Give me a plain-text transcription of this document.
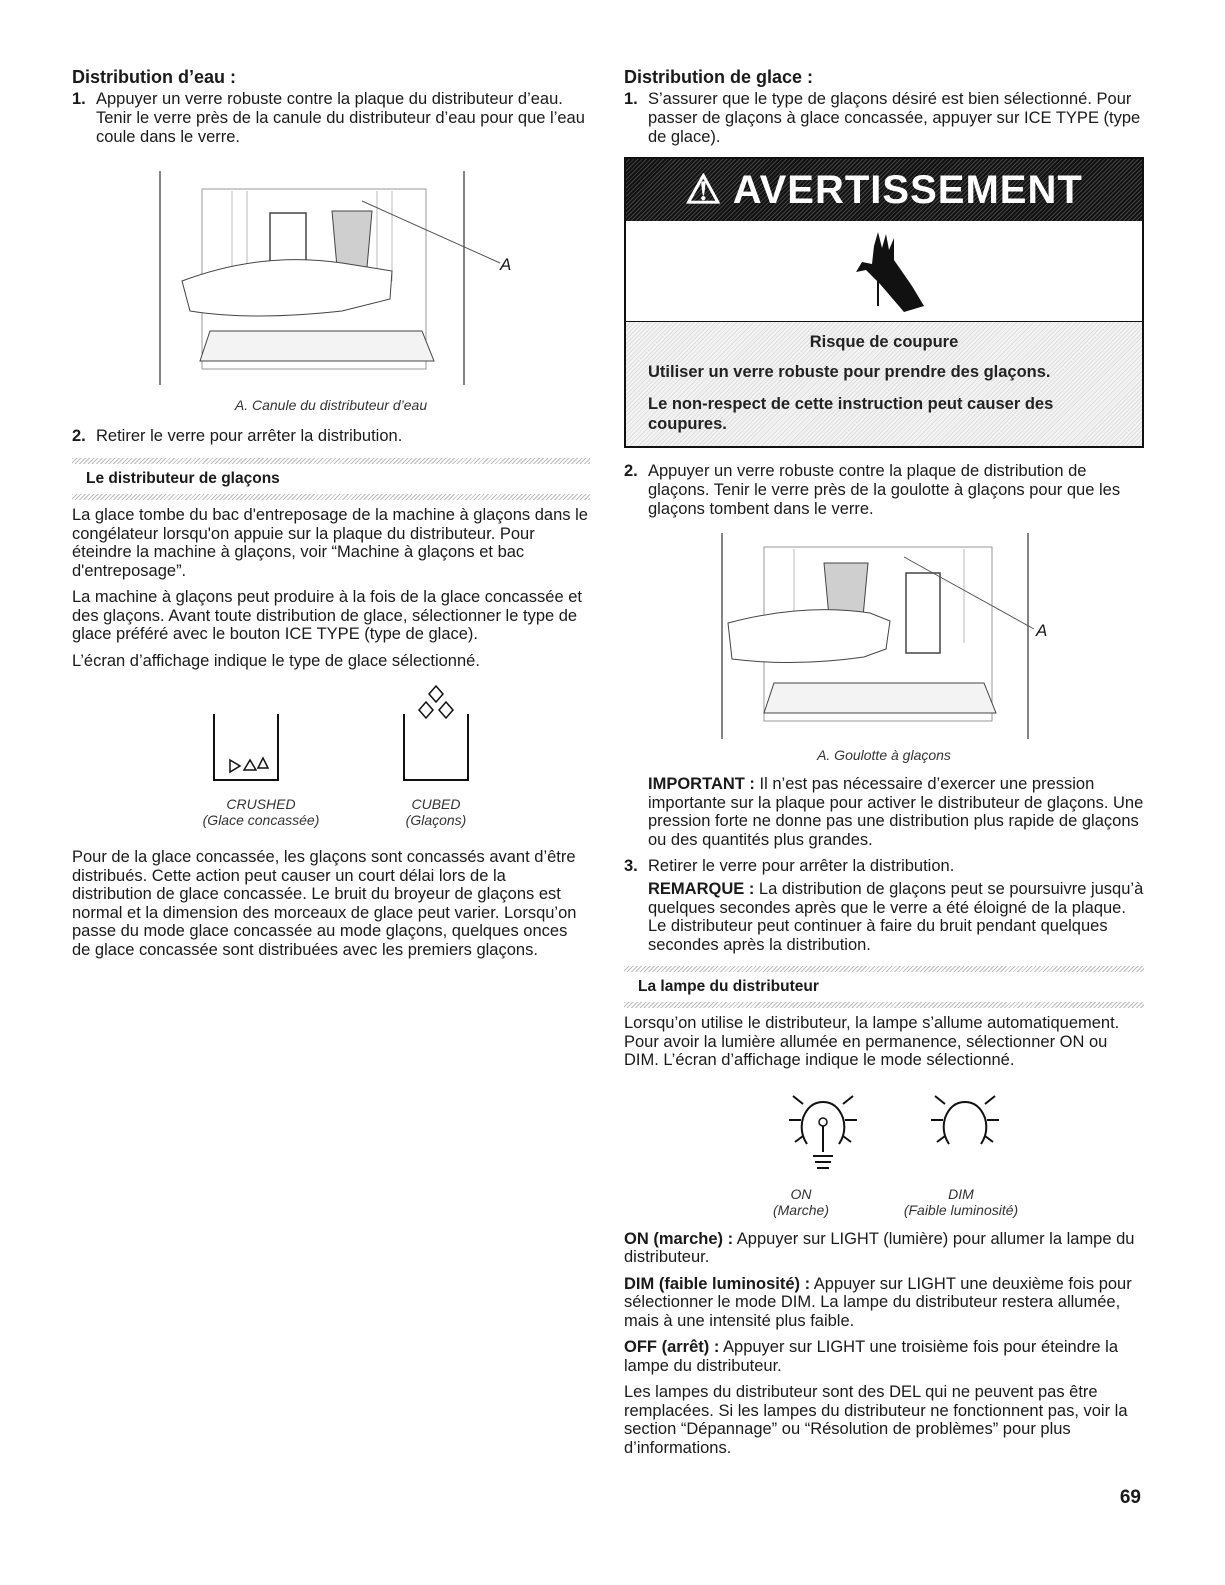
Distribution d’eau :
1. Appuyer un verre robuste contre la plaque du distributeur d’eau. Tenir le verre près de la canule du distributeur d’eau pour que l’eau coule dans le verre.
A
A. Canule du distributeur d’eau
2. Retirer le verre pour arrêter la distribution.
Le distributeur de glaçons

La glace tombe du bac d'entreposage de la machine à glaçons dans le congélateur lorsqu'on appuie sur la plaque du distributeur. Pour éteindre la machine à glaçons, voir “Machine à glaçons et bac d'entreposage”.

La machine à glaçons peut produire à la fois de la glace concassée et des glaçons. Avant toute distribution de glace, sélectionner le type de glace préféré avec le bouton ICE TYPE (type de glace).

L’écran d’affichage indique le type de glace sélectionné.

CRUSHED
(Glace concassée)
CUBED
(Glaçons)

Pour de la glace concassée, les glaçons sont concassés avant d’être distribués. Cette action peut causer un court délai lors de la distribution de glace concassée. Le bruit du broyeur de glaçons est normal et la dimension des morceaux de glace peut varier. Lorsqu’on passe du mode glace concassée au mode glaçons, quelques onces de glace concassée sont distribuées avec les premiers glaçons.

Distribution de glace :
1. S’assurer que le type de glaçons désiré est bien sélectionné. Pour passer de glaçons à glace concassée, appuyer sur ICE TYPE (type de glace).
⚠ AVERTISSEMENT
Risque de coupure
Utiliser un verre robuste pour prendre des glaçons.
Le non-respect de cette instruction peut causer des coupures.
2. Appuyer un verre robuste contre la plaque de distribution de glaçons. Tenir le verre près de la goulotte à glaçons pour que les glaçons tombent dans le verre.
A
A. Goulotte à glaçons

IMPORTANT : Il n’est pas nécessaire d’exercer une pression importante sur la plaque pour activer le distributeur de glaçons. Une pression forte ne donne pas une distribution plus rapide de glaçons ou des quantités plus grandes.

3. Retirer le verre pour arrêter la distribution.

REMARQUE : La distribution de glaçons peut se poursuivre jusqu’à quelques secondes après que le verre a été éloigné de la plaque. Le distributeur peut continuer à faire du bruit pendant quelques secondes après la distribution.

La lampe du distributeur

Lorsqu’on utilise le distributeur, la lampe s’allume automatiquement. Pour avoir la lumière allumée en permanence, sélectionner ON ou DIM. L’écran d’affichage indique le mode sélectionné.

ON
(Marche)
DIM
(Faible luminosité)

ON (marche) : Appuyer sur LIGHT (lumière) pour allumer la lampe du distributeur.

DIM (faible luminosité) : Appuyer sur LIGHT une deuxième fois pour sélectionner le mode DIM. La lampe du distributeur restera allumée, mais à une intensité plus faible.

OFF (arrêt) : Appuyer sur LIGHT une troisième fois pour éteindre la lampe du distributeur.

Les lampes du distributeur sont des DEL qui ne peuvent pas être remplacées. Si les lampes du distributeur ne fonctionnent pas, voir la section “Dépannage” ou “Résolution de problèmes” pour plus d’informations.

69
